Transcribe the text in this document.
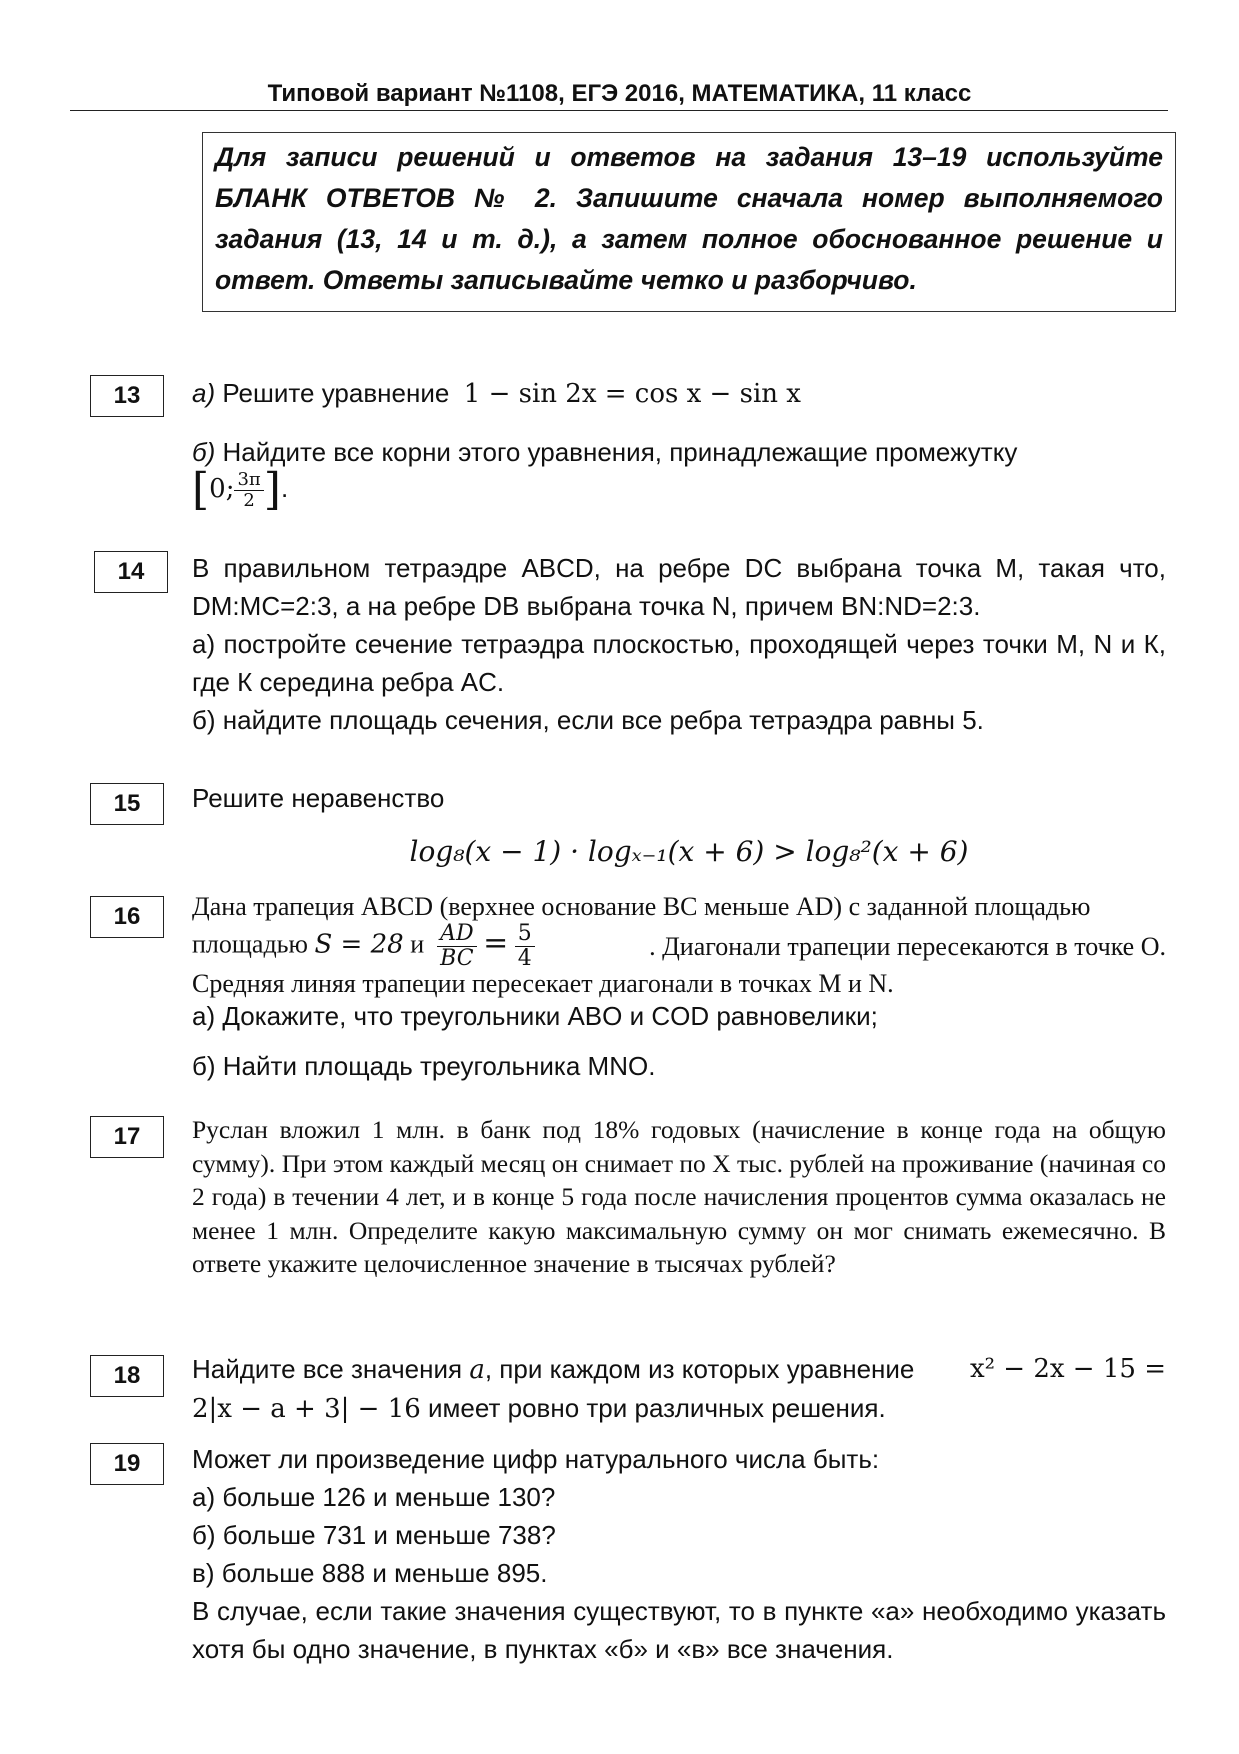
Типовой вариант №1108, ЕГЭ 2016, МАТЕМАТИКА, 11 класс

Для записи решений и ответов на задания 13–19 используйте БЛАНК ОТВЕТОВ № 2. Запишите сначала номер выполняемого задания (13, 14 и т. д.), а затем полное обоснованное решение и ответ. Ответы записывайте четко и разборчиво.

13	а) Решите уравнение 1 − sin 2x = cos x − sin x

б) Найдите все корни этого уравнения, принадлежащие промежутку

[0; $\frac{3\pi}{2}$ ].

14	В правильном тетраэдре ABCD, на ребре DC выбрана точка M, такая что, DM:MC=2:3, а на ребре DB выбрана точка N, причем BN:ND=2:3.

а) постройте сечение тетраэдра плоскостью, проходящей через точки M, N и К, где К середина ребра AC.

б) найдите площадь сечения, если все ребра тетраэдра равны 5.

15	Решите неравенство

log₈(x − 1) · logₓ₋₁(x + 6) > log₈²(x + 6)

16	Дана трапеция ABCD (верхнее основание BC меньше AD) с заданной площадью

площадью S = 28 и $\frac{AD}{BC} = \frac{5}{4}$	. Диагонали трапеции пересекаются в точке O.

Средняя линяя трапеции пересекает диагонали в точках M и N.

а) Докажите, что треугольники ABO и COD равновелики;

б) Найти площадь треугольника MNO.

17	Руслан вложил 1 млн. в банк под 18% годовых (начисление в конце года на общую сумму). При этом каждый месяц он снимает по Х тыс. рублей на проживание (начиная со 2 года) в течении 4 лет, и в конце 5 года после начисления процентов сумма оказалась не менее 1 млн. Определите какую максимальную сумму он мог снимать ежемесячно. В ответе укажите целочисленное значение в тысячах рублей?

18	Найдите все значения a, при каждом из которых уравнение x² − 2x − 15 =

2|x − a + 3| − 16 имеет ровно три различных решения.

19	Может ли произведение цифр натурального числа быть:

а) больше 126 и меньше 130?

б) больше 731 и меньше 738?

в) больше 888 и меньше 895.

В случае, если такие значения существуют, то в пункте «а» необходимо указать хотя бы одно значение, в пунктах «б» и «в» все значения.
